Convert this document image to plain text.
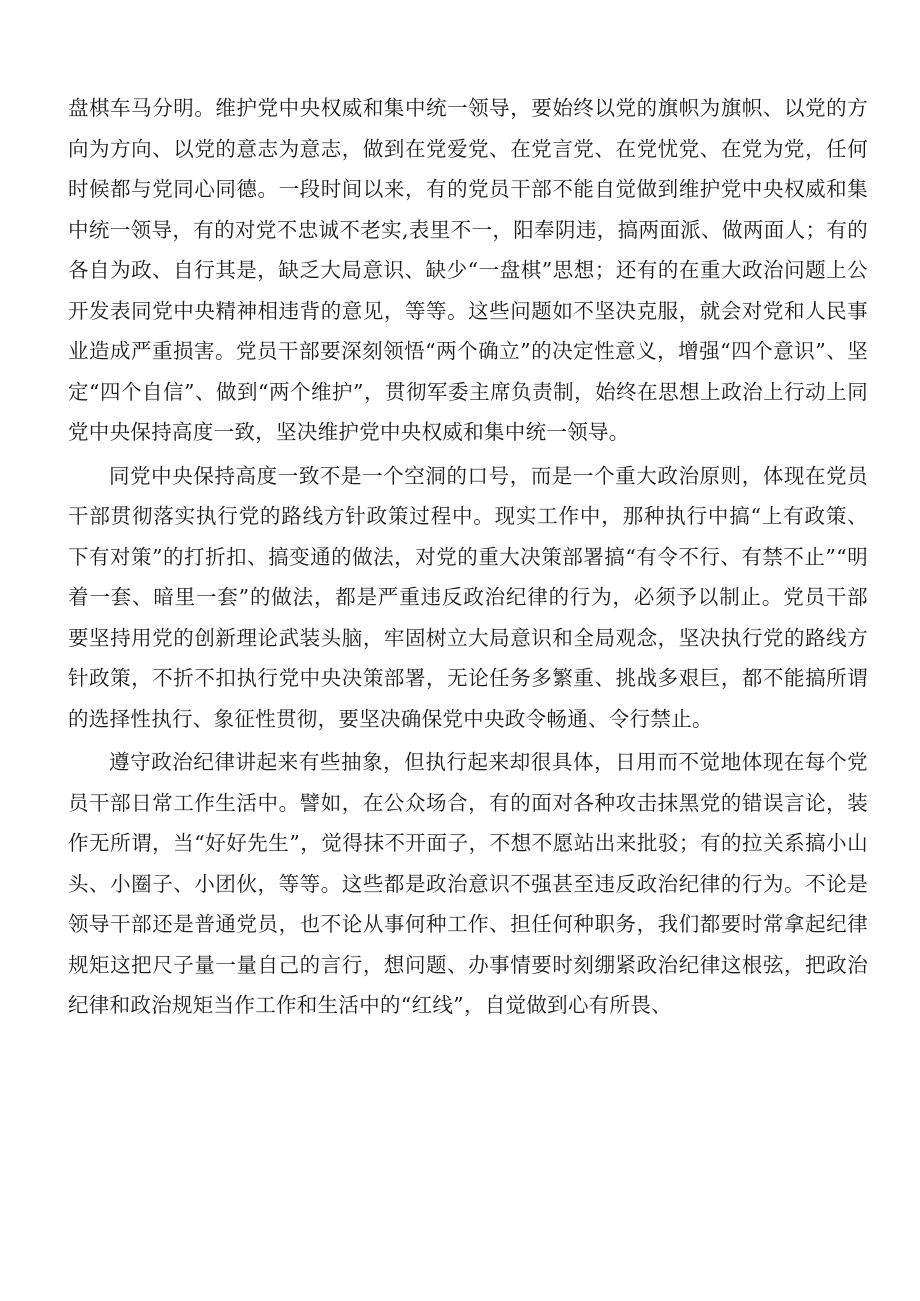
盘棋车马分明。维护党中央权威和集中统一领导，要始终以党的旗帜为旗帜、以党的方向为方向、以党的意志为意志，做到在党爱党、在党言党、在党忧党、在党为党，任何时候都与党同心同德。一段时间以来，有的党员干部不能自觉做到维护党中央权威和集中统一领导，有的对党不忠诚不老实,表里不一，阳奉阴违，搞两面派、做两面人；有的各自为政、自行其是，缺乏大局意识、缺少“一盘棋”思想；还有的在重大政治问题上公开发表同党中央精神相违背的意见，等等。这些问题如不坚决克服，就会对党和人民事业造成严重损害。党员干部要深刻领悟“两个确立”的决定性意义，增强“四个意识”、坚定“四个自信”、做到“两个维护”，贯彻军委主席负责制，始终在思想上政治上行动上同党中央保持高度一致，坚决维护党中央权威和集中统一领导。

同党中央保持高度一致不是一个空洞的口号，而是一个重大政治原则，体现在党员干部贯彻落实执行党的路线方针政策过程中。现实工作中，那种执行中搞“上有政策、下有对策”的打折扣、搞变通的做法，对党的重大决策部署搞“有令不行、有禁不止”“明着一套、暗里一套”的做法，都是严重违反政治纪律的行为，必须予以制止。党员干部要坚持用党的创新理论武装头脑，牢固树立大局意识和全局观念，坚决执行党的路线方针政策，不折不扣执行党中央决策部署，无论任务多繁重、挑战多艰巨，都不能搞所谓的选择性执行、象征性贯彻，要坚决确保党中央政令畅通、令行禁止。

遵守政治纪律讲起来有些抽象，但执行起来却很具体，日用而不觉地体现在每个党员干部日常工作生活中。譬如，在公众场合，有的面对各种攻击抹黑党的错误言论，装作无所谓，当“好好先生”，觉得抹不开面子，不想不愿站出来批驳；有的拉关系搞小山头、小圈子、小团伙，等等。这些都是政治意识不强甚至违反政治纪律的行为。不论是领导干部还是普通党员，也不论从事何种工作、担任何种职务，我们都要时常拿起纪律规矩这把尺子量一量自己的言行，想问题、办事情要时刻绷紧政治纪律这根弦，把政治纪律和政治规矩当作工作和生活中的“红线”，自觉做到心有所畏、
